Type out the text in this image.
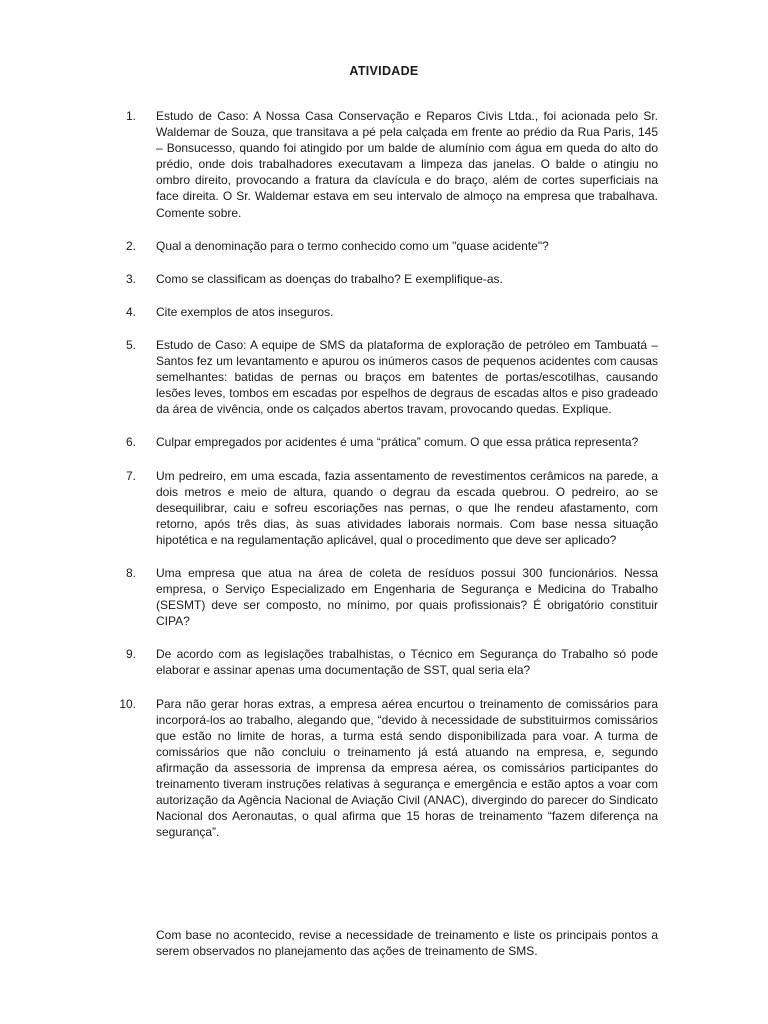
ATIVIDADE
1. Estudo de Caso: A Nossa Casa Conservação e Reparos Civis Ltda., foi acionada pelo Sr. Waldemar de Souza, que transitava a pé pela calçada em frente ao prédio da Rua Paris, 145 – Bonsucesso, quando foi atingido por um balde de alumínio com água em queda do alto do prédio, onde dois trabalhadores executavam a limpeza das janelas. O balde o atingiu no ombro direito, provocando a fratura da clavícula e do braço, além de cortes superficiais na face direita. O Sr. Waldemar estava em seu intervalo de almoço na empresa que trabalhava. Comente sobre.
2. Qual a denominação para o termo conhecido como um "quase acidente"?
3. Como se classificam as doenças do trabalho? E exemplifique-as.
4. Cite exemplos de atos inseguros.
5. Estudo de Caso: A equipe de SMS da plataforma de exploração de petróleo em Tambuatá – Santos fez um levantamento e apurou os inúmeros casos de pequenos acidentes com causas semelhantes: batidas de pernas ou braços em batentes de portas/escotilhas, causando lesões leves, tombos em escadas por espelhos de degraus de escadas altos e piso gradeado da área de vivência, onde os calçados abertos travam, provocando quedas. Explique.
6. Culpar empregados por acidentes é uma “prática” comum. O que essa prática representa?
7. Um pedreiro, em uma escada, fazia assentamento de revestimentos cerâmicos na parede, a dois metros e meio de altura, quando o degrau da escada quebrou. O pedreiro, ao se desequilibrar, caiu e sofreu escoriações nas pernas, o que lhe rendeu afastamento, com retorno, após três dias, às suas atividades laborais normais. Com base nessa situação hipotética e na regulamentação aplicável, qual o procedimento que deve ser aplicado?
8. Uma empresa que atua na área de coleta de resíduos possui 300 funcionários. Nessa empresa, o Serviço Especializado em Engenharia de Segurança e Medicina do Trabalho (SESMT) deve ser composto, no mínimo, por quais profissionais? É obrigatório constituir CIPA?
9. De acordo com as legislações trabalhistas, o Técnico em Segurança do Trabalho só pode elaborar e assinar apenas uma documentação de SST, qual seria ela?
10. Para não gerar horas extras, a empresa aérea encurtou o treinamento de comissários para incorporá-los ao trabalho, alegando que, “devido à necessidade de substituirmos comissários que estão no limite de horas, a turma está sendo disponibilizada para voar. A turma de comissários que não concluiu o treinamento já está atuando na empresa, e, segundo afirmação da assessoria de imprensa da empresa aérea, os comissários participantes do treinamento tiveram instruções relativas à segurança e emergência e estão aptos a voar com autorização da Agência Nacional de Aviação Civil (ANAC), divergindo do parecer do Sindicato Nacional dos Aeronautas, o qual afirma que 15 horas de treinamento “fazem diferença na segurança”.

Com base no acontecido, revise a necessidade de treinamento e liste os principais pontos a serem observados no planejamento das ações de treinamento de SMS.
